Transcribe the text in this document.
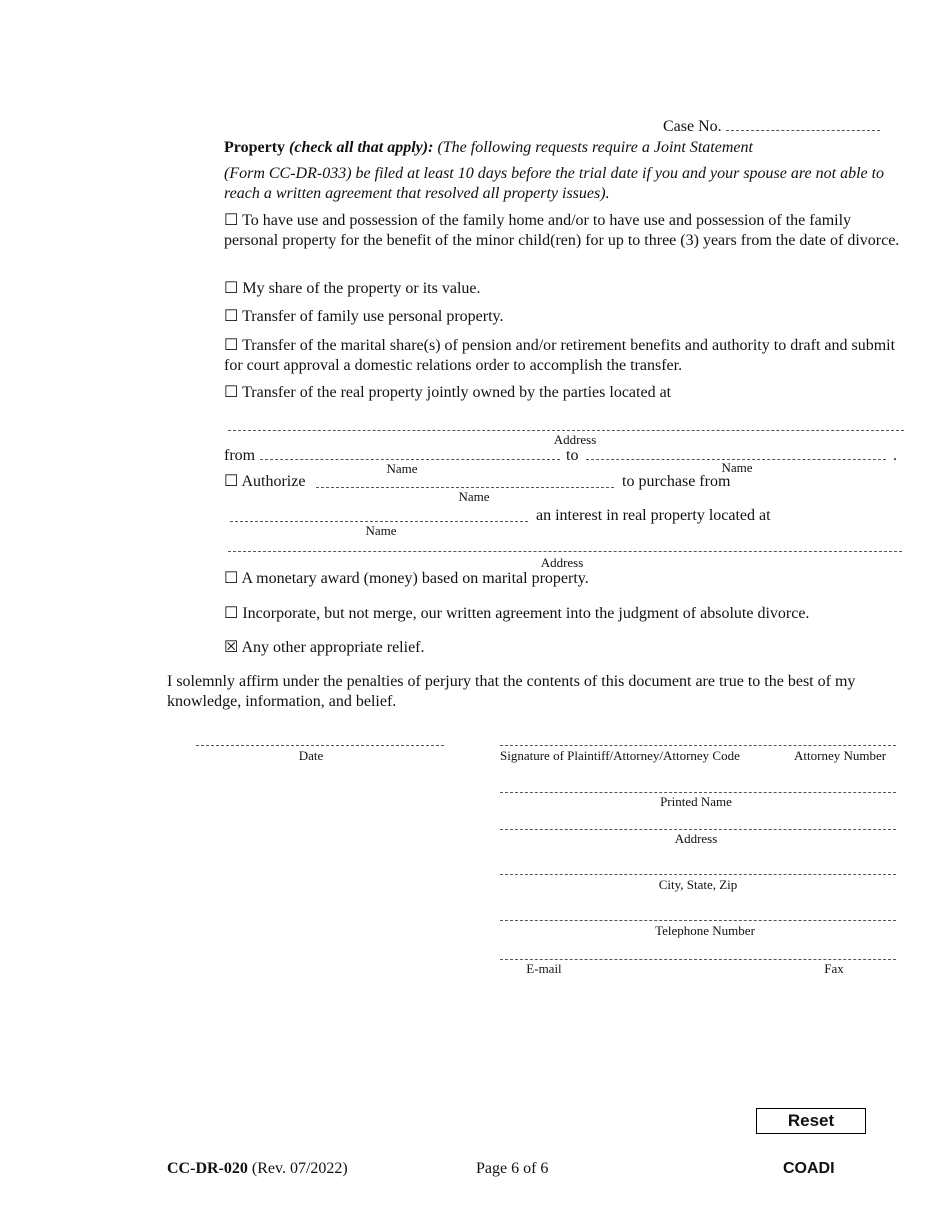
Case No.
Property (check all that apply): (The following requests require a Joint Statement
(Form CC-DR-033) be filed at least 10 days before the trial date if you and your spouse are not able to reach a written agreement that resolved all property issues).
☐ To have use and possession of the family home and/or to have use and possession of the family personal property for the benefit of the minor child(ren) for up to three (3) years from the date of divorce.
☐ My share of the property or its value.
☐ Transfer of family use personal property.
☐ Transfer of the marital share(s) of pension and/or retirement benefits and authority to draft and submit for court approval a domestic relations order to accomplish the transfer.
☐ Transfer of the real property jointly owned by the parties located at
Address
from	to	.
Name	Name
☐ Authorize	to purchase from
Name
an interest in real property located at
Name
Address
☐ A monetary award (money) based on marital property.
☐ Incorporate, but not merge, our written agreement into the judgment of absolute divorce.
☒ Any other appropriate relief.
I solemnly affirm under the penalties of perjury that the contents of this document are true to the best of my knowledge, information, and belief.
Date	Signature of Plaintiff/Attorney/Attorney Code	Attorney Number
Printed Name
Address
City, State, Zip
Telephone Number
E-mail	Fax
Reset
CC-DR-020 (Rev. 07/2022)	Page 6 of 6	COADI
